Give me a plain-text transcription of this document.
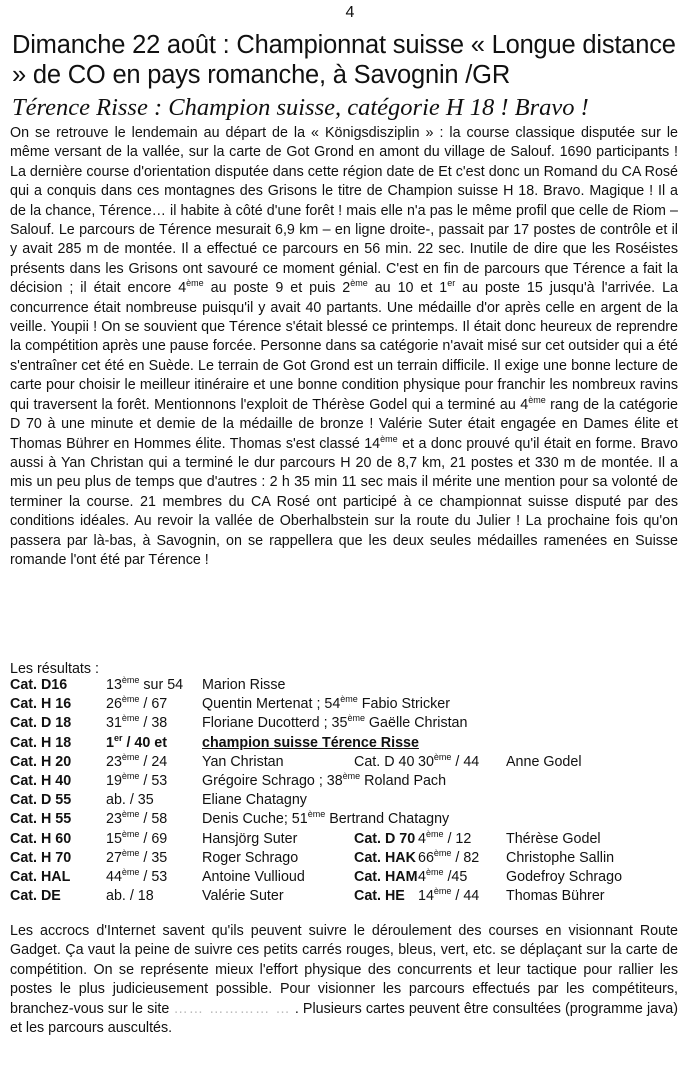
4
Dimanche 22 août : Championnat suisse « Longue distance » de CO en pays romanche, à Savognin /GR
Térence Risse : Champion suisse, catégorie H 18 ! Bravo !

On se retrouve le lendemain au départ de la « Königsdisziplin » : la course classique disputée sur le même versant de la vallée, sur la carte de Got Grond en amont du village de Salouf. 1690 participants ! La dernière course d'orientation disputée dans cette région date de Et c'est donc un Romand du CA Rosé qui a conquis dans ces montagnes des Grisons le titre de Champion suisse H 18. Bravo. Magique ! Il a de la chance, Térence… il habite à côté d'une forêt ! mais elle n'a pas le même profil que celle de Riom – Salouf. Le parcours de Térence mesurait 6,9 km – en ligne droite-, passait par 17 postes de contrôle et il y avait 285 m de montée. Il a effectué ce parcours en 56 min. 22 sec. Inutile de dire que les Roséistes présents dans les Grisons ont savouré ce moment génial. C'est en fin de parcours que Térence a fait la décision ; il était encore 4ème au poste 9 et puis 2ème au 10 et 1er au poste 15 jusqu'à l'arrivée. La concurrence était nombreuse puisqu'il y avait 40 partants. Une médaille d'or après celle en argent de la veille. Youpii ! On se souvient que Térence s'était blessé ce printemps. Il était donc heureux de reprendre la compétition après une pause forcée. Personne dans sa catégorie n'avait misé sur cet outsider qui a été s'entraîner cet été en Suède. Le terrain de Got Grond est un terrain difficile. Il exige une bonne lecture de carte pour choisir le meilleur itinéraire et une bonne condition physique pour franchir les nombreux ravins qui traversent la forêt. Mentionnons l'exploit de Thérèse Godel qui a terminé au 4ème rang de la catégorie D 70 à une minute et demie de la médaille de bronze ! Valérie Suter était engagée en Dames élite et Thomas Bührer en Hommes élite. Thomas s'est classé 14ème et a donc prouvé qu'il était en forme. Bravo aussi à Yan Christan qui a terminé le dur parcours H 20 de 8,7 km, 21 postes et 330 m de montée. Il a mis un peu plus de temps que d'autres : 2 h 35 min 11 sec mais il mérite une mention pour sa volonté de terminer la course. 21 membres du CA Rosé ont participé à ce championnat suisse disputé par des conditions idéales. Au revoir la vallée de Oberhalbstein sur la route du Julier ! La prochaine fois qu'on passera par là-bas, à Savognin, on se rappellera que les deux seules médailles ramenées en Suisse romande l'ont été par Térence !

Les résultats :

Cat. D16	13ème sur 54	Marion Risse			
Cat. H 16	26ème / 67	Quentin Mertenat ; 54ème Fabio Stricker			
Cat. D 18	31ème / 38	Floriane Ducotterd ; 35ème Gaëlle Christan			
Cat. H 18	1er / 40 et	champion suisse Térence Risse			
Cat. H 20	23ème / 24	Yan Christan	Cat. D 40	30ème / 44	Anne Godel
Cat. H 40	19ème / 53	Grégoire Schrago ; 38ème Roland Pach			
Cat. D 55	ab. / 35	Eliane Chatagny			
Cat. H 55	23ème / 58	Denis Cuche; 51ème Bertrand Chatagny			
Cat. H 60	15ème / 69	Hansjörg Suter	Cat. D 70	4ème / 12	Thérèse Godel
Cat. H 70	27ème / 35	Roger Schrago	Cat. HAK	66ème / 82	Christophe Sallin
Cat. HAL	44ème / 53	Antoine Vullioud	Cat. HAM	4ème /45	Godefroy Schrago
Cat. DE	ab. / 18	Valérie Suter	Cat. HE	14ème / 44	Thomas Bührer

Les accrocs d'Internet savent qu'ils peuvent suivre le déroulement des courses en visionnant Route Gadget. Ça vaut la peine de suivre ces petits carrés rouges, bleus, vert, etc. se déplaçant sur la carte de compétition. On se représente mieux l'effort physique des concurrents et leur tactique pour rallier les postes le plus judicieusement possible. Pour visionner les parcours effectués par les compétiteurs, branchez-vous sur le site …… ………… … . Plusieurs cartes peuvent être consultées (programme java) et les parcours auscultés.
